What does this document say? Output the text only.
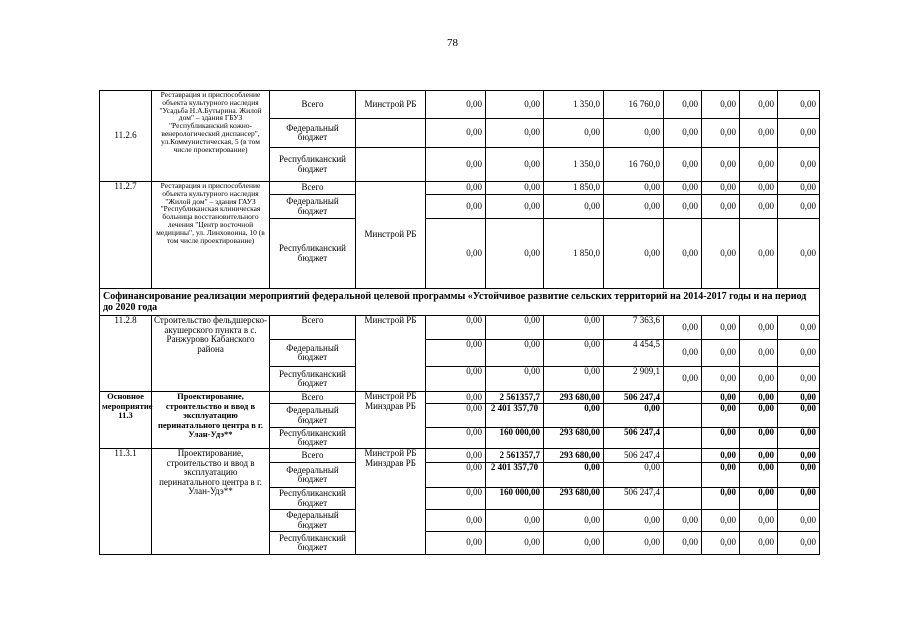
78
11.2.6	Реставрация и приспособление объекта культурного наследия "Усадьба Н.А.Бутырина. Жилой дом" – здания ГБУЗ "Республиканский кожно-венерологический диспансер", ул.Коммунистическая, 5 (в том числе проектирование)	Всего	Минстрой РБ	0,00	0,00	1 350,0	16 760,0	0,00	0,00	0,00	0,00
		Федеральный бюджет		0,00	0,00	0,00	0,00	0,00	0,00	0,00	0,00
		Республиканский бюджет		0,00	0,00	1 350,0	16 760,0	0,00	0,00	0,00	0,00
11.2.7	Реставрация и приспособление объекта культурного наследия "Жилой дом" – здания ГАУЗ "Республиканская клиническая больница восстановительного лечения "Центр восточной медицины", ул. Линховоина, 10 (в том числе проектирование)	Всего	Минстрой РБ	0,00	0,00	1 850,0	0,00	0,00	0,00	0,00	0,00
		Федеральный бюджет		0,00	0,00	0,00	0,00	0,00	0,00	0,00	0,00
		Республиканский бюджет		0,00	0,00	1 850,0	0,00	0,00	0,00	0,00	0,00
Софинансирование реализации мероприятий федеральной целевой программы «Устойчивое развитие сельских территорий на 2014-2017 годы и на период до 2020 года											
11.2.8	Строительство фельдшерско-акушерского пункта в с. Ранжурово Кабанского района	Всего	Минстрой РБ	0,00	0,00	0,00	7 363,6	0,00	0,00	0,00	0,00
		Федеральный бюджет		0,00	0,00	0,00	4 454,5	0,00	0,00	0,00	0,00
		Республиканский бюджет		0,00	0,00	0,00	2 909,1	0,00	0,00	0,00	0,00
Основное мероприятие 11.3	Проектирование, строительство и ввод в эксплуатацию перинатального центра в г. Улан-Удэ**	Всего	Минстрой РБ Минздрав РБ	0,00	2 561357,7	293 680,00	506 247,4		0,00	0,00	0,00
		Федеральный бюджет		0,00	2 401 357,70	0,00	0,00		0,00	0,00	0,00
		Республиканский бюджет		0,00	160 000,00	293 680,00	506 247,4		0,00	0,00	0,00
11.3.1	Проектирование, строительство и ввод в эксплуатацию перинатального центра в г. Улан-Удэ**	Всего	Минстрой РБ Минздрав РБ	0,00	2 561357,7	293 680,00	506 247,4		0,00	0,00	0,00
		Федеральный бюджет		0,00	2 401 357,70	0,00	0,00		0,00	0,00	0,00
		Республиканский бюджет		0,00	160 000,00	293 680,00	506 247,4		0,00	0,00	0,00
		Федеральный бюджет		0,00	0,00	0,00	0,00	0,00	0,00	0,00	0,00
		Республиканский бюджет		0,00	0,00	0,00	0,00	0,00	0,00	0,00	0,00
